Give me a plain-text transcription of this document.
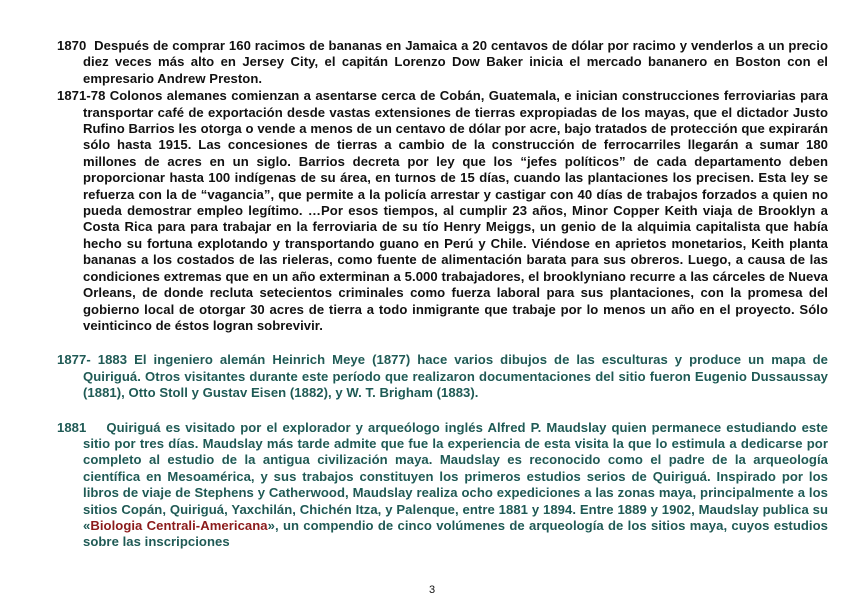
1870 Después de comprar 160 racimos de bananas en Jamaica a 20 centavos de dólar por racimo y venderlos a un precio diez veces más alto en Jersey City, el capitán Lorenzo Dow Baker inicia el mercado bananero en Boston con el empresario Andrew Preston.

1871-78 Colonos alemanes comienzan a asentarse cerca de Cobán, Guatemala, e inician construcciones ferroviarias para transportar café de exportación desde vastas extensiones de tierras expropiadas de los mayas, que el dictador Justo Rufino Barrios les otorga o vende a menos de un centavo de dólar por acre, bajo tratados de protección que expirarán sólo hasta 1915. Las concesiones de tierras a cambio de la construcción de ferrocarriles llegarán a sumar 180 millones de acres en un siglo. Barrios decreta por ley que los “jefes políticos” de cada departamento deben proporcionar hasta 100 indígenas de su área, en turnos de 15 días, cuando las plantaciones los precisen. Esta ley se refuerza con la de “vagancia”, que permite a la policía arrestar y castigar con 40 días de trabajos forzados a quien no pueda demostrar empleo legítimo. …Por esos tiempos, al cumplir 23 años, Minor Copper Keith viaja de Brooklyn a Costa Rica para para trabajar en la ferroviaria de su tío Henry Meiggs, un genio de la alquimia capitalista que había hecho su fortuna explotando y transportando guano en Perú y Chile. Viéndose en aprietos monetarios, Keith planta bananas a los costados de las rieleras, como fuente de alimentación barata para sus obreros. Luego, a causa de las condiciones extremas que en un año exterminan a 5.000 trabajadores, el brooklyniano recurre a las cárceles de Nueva Orleans, de donde recluta setecientos criminales como fuerza laboral para sus plantaciones, con la promesa del gobierno local de otorgar 30 acres de tierra a todo inmigrante que trabaje por lo menos un año en el proyecto. Sólo veinticinco de éstos logran sobrevivir.

1877- 1883 El ingeniero alemán Heinrich Meye (1877) hace varios dibujos de las esculturas y produce un mapa de Quiriguá. Otros visitantes durante este período que realizaron documentaciones del sitio fueron Eugenio Dussaussay (1881), Otto Stoll y Gustav Eisen (1882), y W. T. Brigham (1883).

1881 Quiriguá es visitado por el explorador y arqueólogo inglés Alfred P. Maudslay quien permanece estudiando este sitio por tres días. Maudslay más tarde admite que fue la experiencia de esta visita la que lo estimula a dedicarse por completo al estudio de la antigua civilización maya. Maudslay es reconocido como el padre de la arqueología científica en Mesoamérica, y sus trabajos constituyen los primeros estudios serios de Quiriguá. Inspirado por los libros de viaje de Stephens y Catherwood, Maudslay realiza ocho expediciones a las zonas maya, principalmente a los sitios Copán, Quiriguá, Yaxchilán, Chichén Itza, y Palenque, entre 1881 y 1894. Entre 1889 y 1902, Maudslay publica su «Biologia Centrali-Americana», un compendio de cinco volúmenes de arqueología de los sitios maya, cuyos estudios sobre las inscripciones

3
